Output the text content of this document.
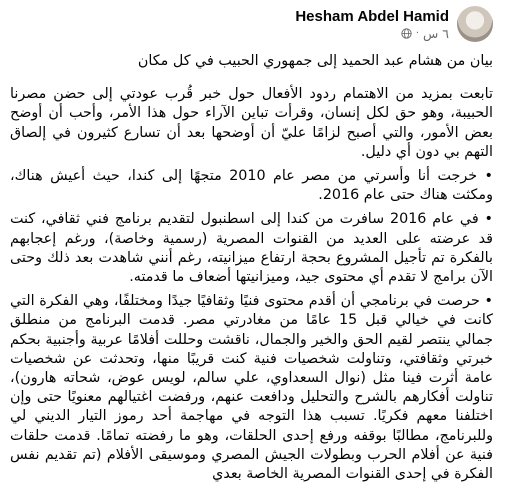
Hesham Abdel Hamid
٦ س
·

بيان من هشام عبد الحميد إلى جمهوري الحبيب في كل مكان

تابعت بمزيد من الاهتمام ردود الأفعال حول خبر قُرب عودتي إلى حضن مصرنا الحبيبة، وهو حق لكل إنسان، وقرأت تباين الآراء حول هذا الأمر، وأحب أن أوضح بعض الأمور، والتي أصبح لزامًا عليّ أن أوضحها بعد أن تسارع كثيرون في إلصاق التهم بي دون أي دليل.

• خرجت أنا وأسرتي من مصر عام 2010 متجهًا إلى كندا، حيث أعيش هناك، ومكثت هناك حتى عام 2016.

• في عام 2016 سافرت من كندا إلى اسطنبول لتقديم برنامج فني ثقافي، كنت قد عرضته على العديد من القنوات المصرية (رسمية وخاصة)، ورغم إعجابهم بالفكرة تم تأجيل المشروع بحجة ارتفاع ميزانيته، رغم أنني شاهدت بعد ذلك وحتى الآن برامج لا تقدم أي محتوى جيد، وميزانيتها أضعاف ما قدمته.

• حرصت في برنامجي أن أقدم محتوى فنيًا وثقافيًا جيدًا ومختلفًا، وهي الفكرة التي كانت في خيالي قبل 15 عامًا من مغادرتي مصر. قدمت البرنامج من منطلق جمالي ينتصر لقيم الحق والخير والجمال، ناقشت وحللت أفلامًا عربية وأجنبية بحكم خبرتي وثقافتي، وتناولت شخصيات فنية كنت قريبًا منها، وتحدثت عن شخصيات عامة أثرت فينا مثل (نوال السعداوي، علي سالم، لويس عوض، شحاته هارون)، تناولت أفكارهم بالشرح والتحليل ودافعت عنهم، ورفضت اغتيالهم معنويًا حتى وإن اختلفنا معهم فكريًا. تسبب هذا التوجه في مهاجمة أحد رموز التيار الديني لي وللبرنامج، مطالبًا بوقفه ورفع إحدى الحلقات، وهو ما رفضته تمامًا. قدمت حلقات فنية عن أفلام الحرب وبطولات الجيش المصري وموسيقى الأفلام (تم تقديم نفس الفكرة في إحدى القنوات المصرية الخاصة بعدي
